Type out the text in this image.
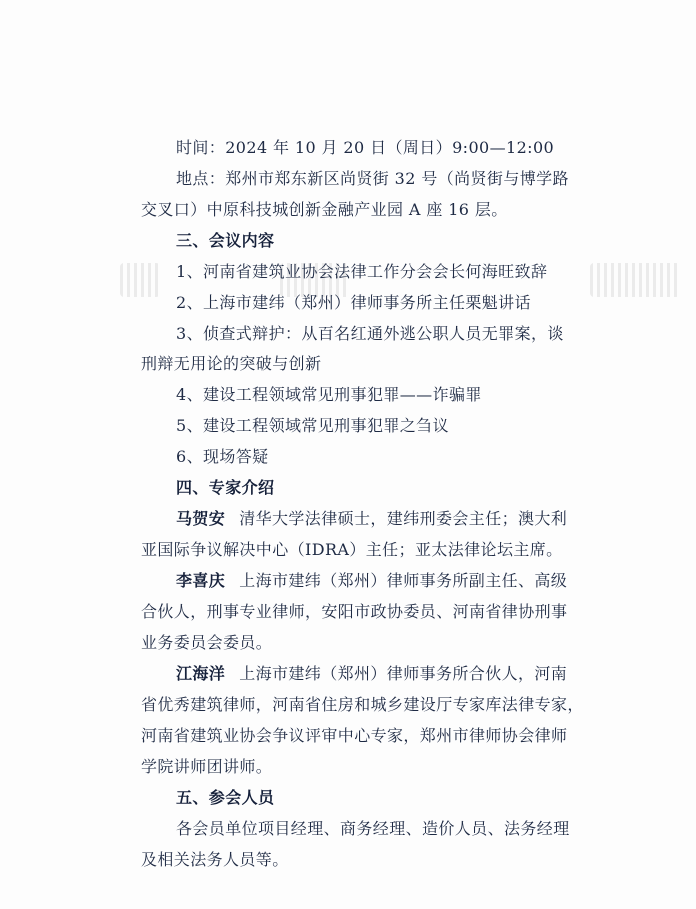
时间：2024 年 10 月 20 日（周日）9:00—12:00
地点：郑州市郑东新区尚贤街 32 号（尚贤街与博学路
交叉口）中原科技城创新金融产业园 A 座 16 层。
三、会议内容
1、河南省建筑业协会法律工作分会会长何海旺致辞
2、上海市建纬（郑州）律师事务所主任栗魁讲话
3、侦查式辩护：从百名红通外逃公职人员无罪案，谈
刑辩无用论的突破与创新
4、建设工程领域常见刑事犯罪——诈骗罪
5、建设工程领域常见刑事犯罪之刍议
6、现场答疑
四、专家介绍
马贺安 清华大学法律硕士，建纬刑委会主任；澳大利
亚国际争议解决中心（IDRA）主任；亚太法律论坛主席。
李喜庆 上海市建纬（郑州）律师事务所副主任、高级
合伙人，刑事专业律师，安阳市政协委员、河南省律协刑事
业务委员会委员。
江海洋 上海市建纬（郑州）律师事务所合伙人，河南
省优秀建筑律师，河南省住房和城乡建设厅专家库法律专家，
河南省建筑业协会争议评审中心专家，郑州市律师协会律师
学院讲师团讲师。
五、参会人员
各会员单位项目经理、商务经理、造价人员、法务经理
及相关法务人员等。
